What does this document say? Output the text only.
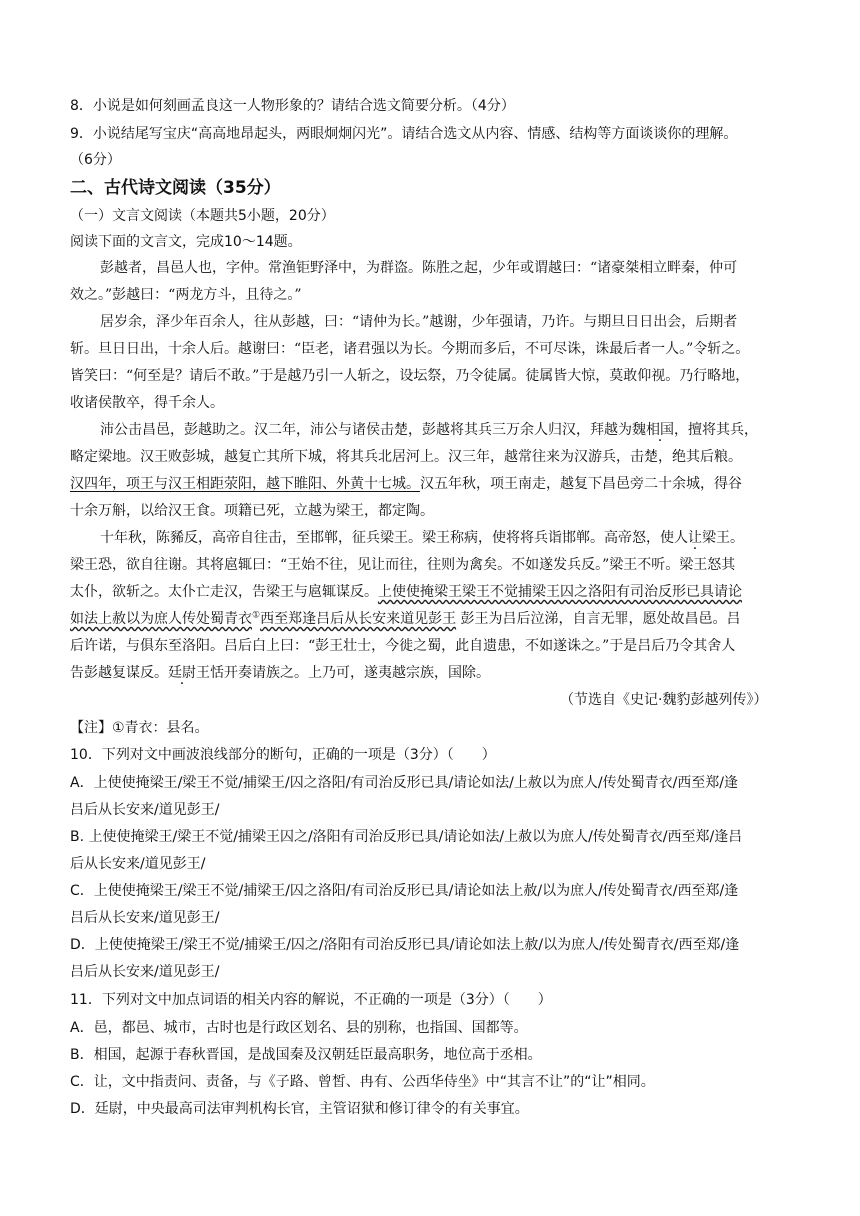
8．小说是如何刻画孟良这一人物形象的？请结合选文简要分析。（4分）
9．小说结尾写宝庆“高高地昂起头，两眼炯炯闪光”。请结合选文从内容、情感、结构等方面谈谈你的理解。
（6分）
二、古代诗文阅读（35分）
（一）文言文阅读（本题共5小题，20分）
阅读下面的文言文，完成10～14题。
彭越者，昌邑人也，字仲。常渔钜野泽中，为群盗。陈胜之起，少年或谓越曰：“诸豪桀相立畔秦，仲可
效之。”彭越曰：“两龙方斗，且待之。”
居岁余，泽少年百余人，往从彭越，曰：“请仲为长。”越谢，少年强请，乃许。与期旦日日出会，后期者
斩。旦日日出，十余人后。越谢曰：“臣老，诸君强以为长。今期而多后，不可尽诛，诛最后者一人。”令斩之。
皆笑曰：“何至是？请后不敢。”于是越乃引一人斩之，设坛祭，乃令徒属。徒属皆大惊，莫敢仰视。乃行略地，
收诸侯散卒，得千余人。
沛公击昌邑，彭越助之。汉二年，沛公与诸侯击楚，彭越将其兵三万余人归汉，拜越为魏相国，擅将其兵，
略定梁地。汉王败彭城，越复亡其所下城，将其兵北居河上。汉三年，越常往来为汉游兵，击楚，绝其后粮。
汉四年，项王与汉王相距荥阳，越下睢阳、外黄十七城。汉五年秋，项王南走，越复下昌邑旁二十余城，得谷
十余万斛，以给汉王食。项籍已死，立越为梁王，都定陶。
十年秋，陈豨反，高帝自往击，至邯郸，征兵梁王。梁王称病，使将将兵诣邯郸。高帝怒，使人让梁王。
梁王恐，欲自往谢。其将扈辄曰：“王始不往，见让而往，往则为禽矣。不如遂发兵反。”梁王不听。梁王怒其
太仆，欲斩之。太仆亡走汉，告梁王与扈辄谋反。上使使掩梁王梁王不觉捕梁王囚之洛阳有司治反形已具请论
如法上赦以为庶人传处蜀青衣①西至郑逢吕后从长安来道见彭王 彭王为吕后泣涕，自言无罪，愿处故昌邑。吕
后许诺，与俱东至洛阳。吕后白上曰：“彭王壮士，今徙之蜀，此自遗患，不如遂诛之。”于是吕后乃令其舍人
告彭越复谋反。廷尉王恬开奏请族之。上乃可，遂夷越宗族，国除。
（节选自《史记·魏豹彭越列传》）
【注】①青衣：县名。
10．下列对文中画波浪线部分的断句，正确的一项是（3分）（　　）
A．上使使掩梁王/梁王不觉/捕梁王/囚之洛阳/有司治反形已具/请论如法/上赦以为庶人/传处蜀青衣/西至郑/逢
吕后从长安来/道见彭王/
B. 上使使掩梁王/梁王不觉/捕梁王囚之/洛阳有司治反形已具/请论如法/上赦以为庶人/传处蜀青衣/西至郑/逢吕
后从长安来/道见彭王/
C．上使使掩梁王/梁王不觉/捕梁王/囚之洛阳/有司治反形已具/请论如法上赦/以为庶人/传处蜀青衣/西至郑/逢
吕后从长安来/道见彭王/
D．上使使掩梁王/梁王不觉/捕梁王/囚之/洛阳有司治反形已具/请论如法上赦/以为庶人/传处蜀青衣/西至郑/逢
吕后从长安来/道见彭王/
11．下列对文中加点词语的相关内容的解说，不正确的一项是（3分）（　　）
A．邑，都邑、城市，古时也是行政区划名、县的别称，也指国、国都等。
B．相国，起源于春秋晋国，是战国秦及汉朝廷臣最高职务，地位高于丞相。
C．让，文中指责问、责备，与《子路、曾皙、冉有、公西华侍坐》中“其言不让”的“让”相同。
D．廷尉，中央最高司法审判机构长官，主管诏狱和修订律令的有关事宜。
